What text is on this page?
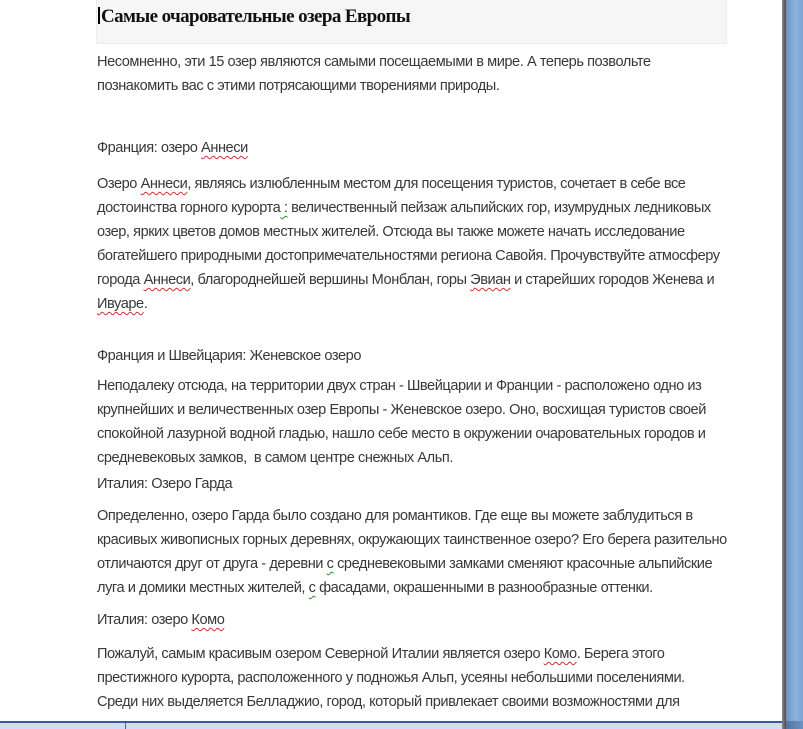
Самые очаровательные озера Европы
Несомненно, эти 15 озер являются самыми посещаемыми в мире. А теперь позвольте
познакомить вас с этими потрясающими творениями природы.
Франция: озеро Аннеси
Озеро Аннеси, являясь излюбленным местом для посещения туристов, сочетает в себе все
достоинства горного курорта : величественный пейзаж альпийских гор, изумрудных ледниковых
озер, ярких цветов домов местных жителей. Отсюда вы также можете начать исследование
богатейшего природными достопримечательностями региона Савойя. Прочувствуйте атмосферу
города Аннеси, благороднейшей вершины Монблан, горы Эвиан и старейших городов Женева и
Ивуаре.
Франция и Швейцария: Женевское озеро
Неподалеку отсюда, на территории двух стран - Швейцарии и Франции - расположено одно из
крупнейших и величественных озер Европы - Женевское озеро. Оно, восхищая туристов своей
спокойной лазурной водной гладью, нашло себе место в окружении очаровательных городов и
средневековых замков,  в самом центре снежных Альп.
Италия: Озеро Гарда
Определенно, озеро Гарда было создано для романтиков. Где еще вы можете заблудиться в
красивых живописных горных деревнях, окружающих таинственное озеро? Его берега разительно
отличаются друг от друга - деревни с средневековыми замками сменяют красочные альпийские
луга и домики местных жителей, с фасадами, окрашенными в разнообразные оттенки.
Италия: озеро Комо
Пожалуй, самым красивым озером Северной Италии является озеро Комо. Берега этого
престижного курорта, расположенного у подножья Альп, усеяны небольшими поселениями.
Среди них выделяется Белладжио, город, который привлекает своими возможностями для
